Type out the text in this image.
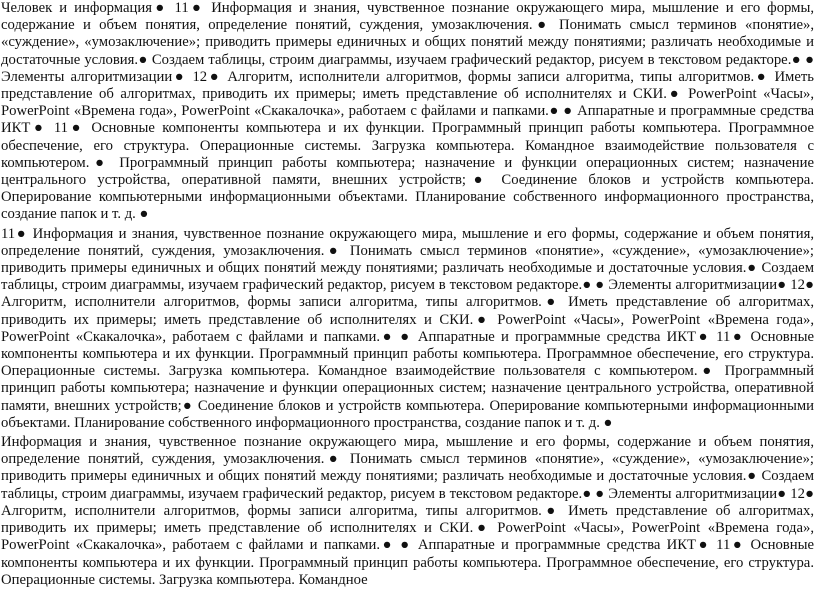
Человек и информация● 11● Информация и знания, чувственное познание окружающего мира, мышление и его формы, содержание и объем понятия, определение понятий, суждения, умозаключения.● Понимать смысл терминов «понятие», «суждение», «умозаключение»; приводить примеры единичных и общих понятий между понятиями; различать необходимые и достаточные условия.● Создаем таблицы, строим диаграммы, изучаем графический редактор, рисуем в текстовом редакторе.● ● Элементы алгоритмизации● 12● Алгоритм, исполнители алгоритмов, формы записи алгоритма, типы алгоритмов.● Иметь представление об алгоритмах, приводить их примеры; иметь представление об исполнителях и СКИ.● PowerPoint «Часы», PowerPoint «Времена года», PowerPoint «Скакалочка», работаем с файлами и папками.● ● Аппаратные и программные средства ИКТ● 11● Основные компоненты компьютера и их функции. Программный принцип работы компьютера. Программное обеспечение, его структура. Операционные системы. Загрузка компьютера. Командное взаимодействие пользователя с компьютером.● Программный принцип работы компьютера; назначение и функции операционных систем; назначение центрального устройства, оперативной памяти, внешних устройств;● Соединение блоков и устройств компьютера. Оперирование компьютерными информационными объектами. Планирование собственного информационного пространства, создание папок и т. д. ●

11● Информация и знания, чувственное познание окружающего мира, мышление и его формы, содержание и объем понятия, определение понятий, суждения, умозаключения.● Понимать смысл терминов «понятие», «суждение», «умозаключение»; приводить примеры единичных и общих понятий между понятиями; различать необходимые и достаточные условия.● Создаем таблицы, строим диаграммы, изучаем графический редактор, рисуем в текстовом редакторе.● ● Элементы алгоритмизации● 12● Алгоритм, исполнители алгоритмов, формы записи алгоритма, типы алгоритмов.● Иметь представление об алгоритмах, приводить их примеры; иметь представление об исполнителях и СКИ.● PowerPoint «Часы», PowerPoint «Времена года», PowerPoint «Скакалочка», работаем с файлами и папками.● ● Аппаратные и программные средства ИКТ● 11● Основные компоненты компьютера и их функции. Программный принцип работы компьютера. Программное обеспечение, его структура. Операционные системы. Загрузка компьютера. Командное взаимодействие пользователя с компьютером.● Программный принцип работы компьютера; назначение и функции операционных систем; назначение центрального устройства, оперативной памяти, внешних устройств;● Соединение блоков и устройств компьютера. Оперирование компьютерными информационными объектами. Планирование собственного информационного пространства, создание папок и т. д. ●

Информация и знания, чувственное познание окружающего мира, мышление и его формы, содержание и объем понятия, определение понятий, суждения, умозаключения.● Понимать смысл терминов «понятие», «суждение», «умозаключение»; приводить примеры единичных и общих понятий между понятиями; различать необходимые и достаточные условия.● Создаем таблицы, строим диаграммы, изучаем графический редактор, рисуем в текстовом редакторе.● ● Элементы алгоритмизации● 12● Алгоритм, исполнители алгоритмов, формы записи алгоритма, типы алгоритмов.● Иметь представление об алгоритмах, приводить их примеры; иметь представление об исполнителях и СКИ.● PowerPoint «Часы», PowerPoint «Времена года», PowerPoint «Скакалочка», работаем с файлами и папками.● ● Аппаратные и программные средства ИКТ● 11● Основные компоненты компьютера и их функции. Программный принцип работы компьютера. Программное обеспечение, его структура. Операционные системы. Загрузка компьютера. Командное
